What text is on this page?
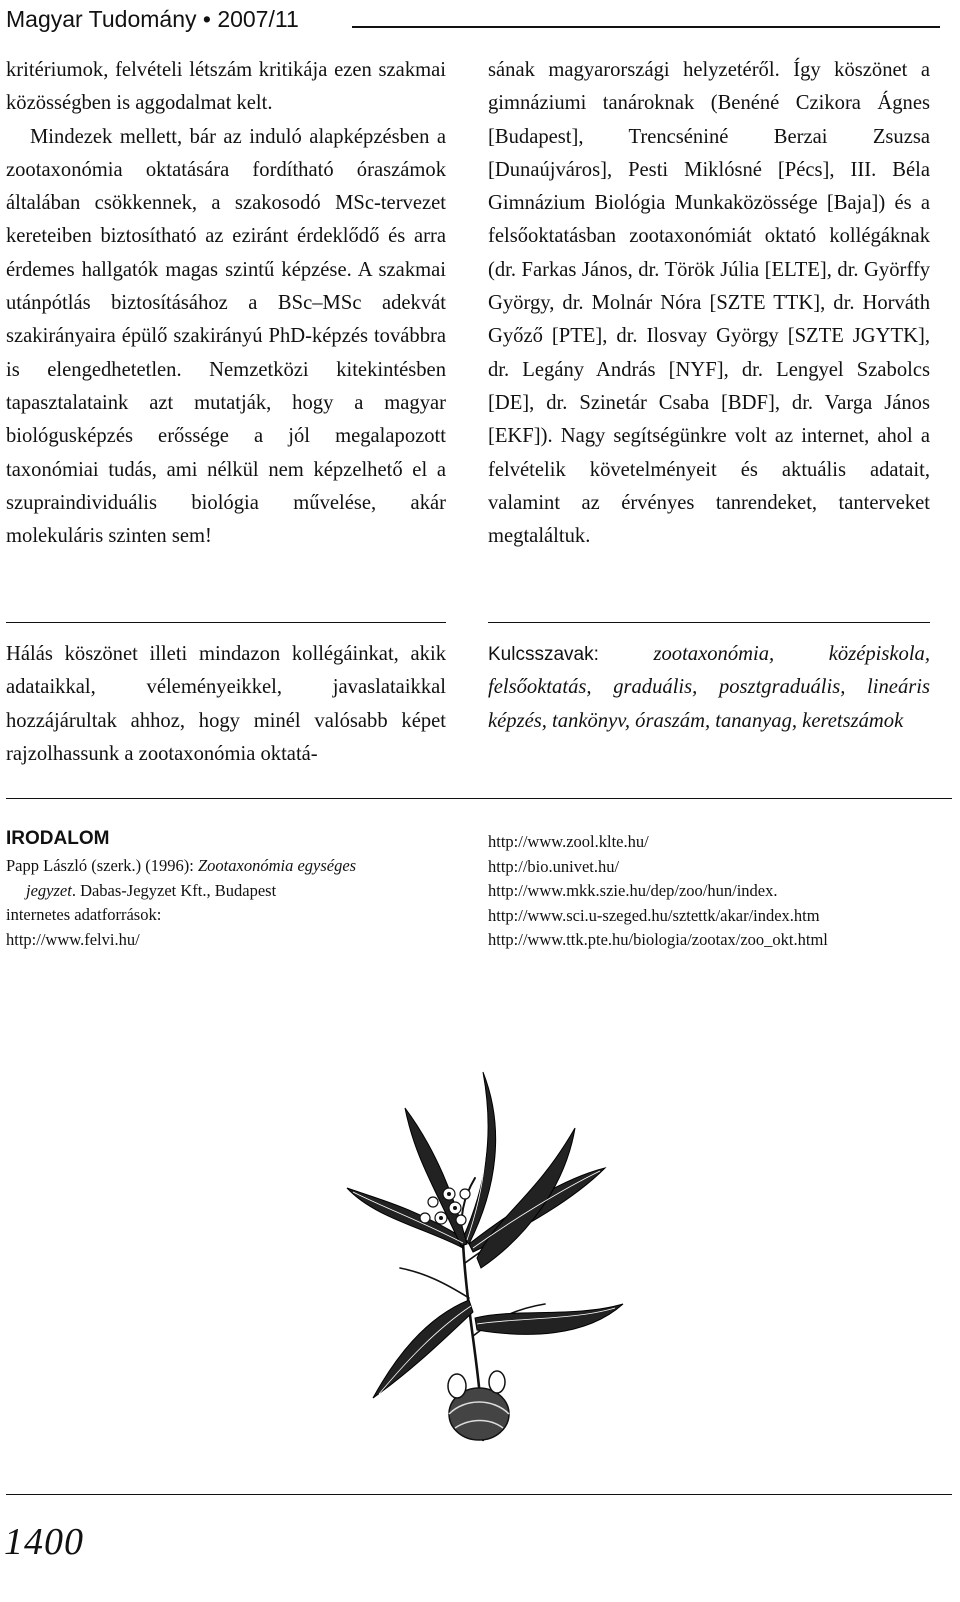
Magyar Tudomány • 2007/11

kritériumok, felvételi létszám kritikája ezen szakmai közösségben is aggodalmat kelt.

Mindezek mellett, bár az induló alapképzésben a zootaxonómia oktatására fordítható óraszámok általában csökkennek, a szakosodó MSc-tervezet kereteiben biztosítható az eziránt érdeklődő és arra érdemes hallgatók magas szintű képzése. A szakmai utánpótlás biztosításához a BSc–MSc adekvát szakirányaira épülő szakirányú PhD-képzés továbbra is elengedhetetlen. Nemzetközi kitekintésben tapasztalataink azt mutatják, hogy a magyar biológusképzés erőssége a jól megalapozott taxonómiai tudás, ami nélkül nem képzelhető el a szupraindividuális biológia művelése, akár molekuláris szinten sem!

sának magyarországi helyzetéről. Így köszönet a gimnáziumi tanároknak (Benéné Czikora Ágnes [Budapest], Trencséniné Berzai Zsuzsa [Dunaújváros], Pesti Miklósné [Pécs], III. Béla Gimnázium Biológia Munkaközössége [Baja]) és a felsőoktatásban zootaxonómiát oktató kollégáknak (dr. Farkas János, dr. Török Júlia [ELTE], dr. Györffy György, dr. Molnár Nóra [SZTE TTK], dr. Horváth Győző [PTE], dr. Ilosvay György [SZTE JGYTK], dr. Legány András [NYF], dr. Lengyel Szabolcs [DE], dr. Szinetár Csaba [BDF], dr. Varga János [EKF]). Nagy segítségünkre volt az internet, ahol a felvételik követelményeit és aktuális adatait, valamint az érvényes tanrendeket, tanterveket megtaláltuk.

Hálás köszönet illeti mindazon kollégáinkat, akik adataikkal, véleményeikkel, javaslataikkal hozzájárultak ahhoz, hogy minél valósabb képet rajzolhassunk a zootaxonómia oktatá-
Kulcsszavak:	zootaxonómia, középiskola, felsőoktatás, graduális, posztgraduális, lineáris képzés, tankönyv, óraszám, tananyag, keretszámok
IRODALOM
Papp László (szerk.) (1996): Zootaxonómia egységes
jegyzet. Dabas-Jegyzet Kft., Budapest
internetes adatforrások:
http://www.felvi.hu/
http://www.zool.klte.hu/
http://bio.univet.hu/
http://www.mkk.szie.hu/dep/zoo/hun/index.
http://www.sci.u-szeged.hu/sztettk/akar/index.htm
http://www.ttk.pte.hu/biologia/zootax/zoo_okt.html
1400
